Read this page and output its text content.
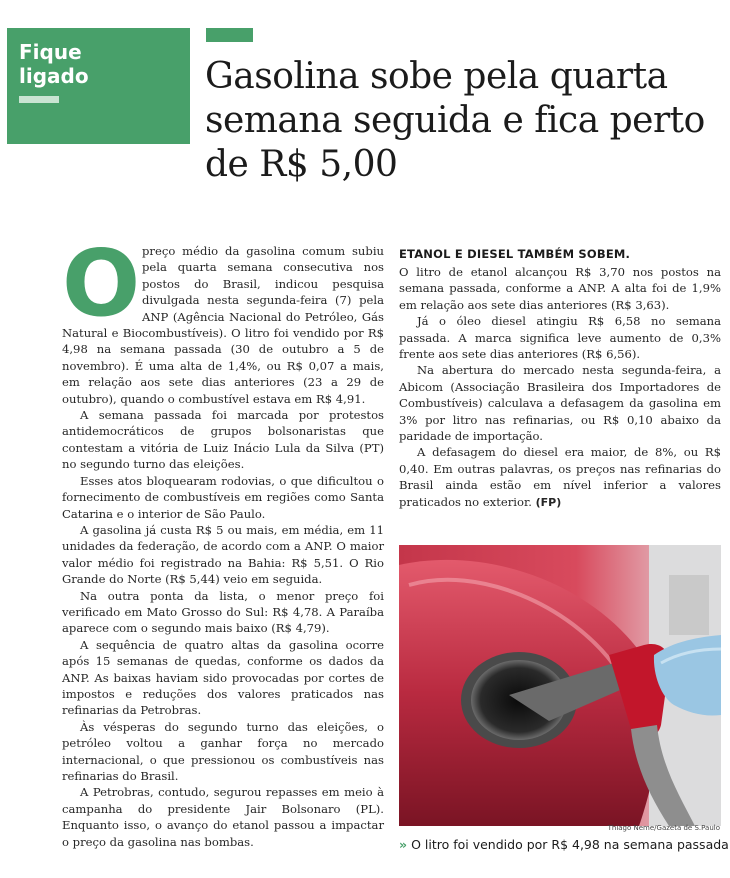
Fique
ligado	Gasolina sobe pela quarta semana seguida e fica perto de R$ 5,00
O preço médio da gasolina comum subiu pela quarta semana consecutiva nos postos do Brasil, indicou pesquisa divulgada nesta segunda-feira (7) pela ANP (Agência Nacional do Petróleo, Gás Natural e Biocombustíveis). O litro foi vendido por R$ 4,98 na semana passada (30 de outubro a 5 de novembro). É uma alta de 1,4%, ou R$ 0,07 a mais, em relação aos sete dias anteriores (23 a 29 de outubro), quando o combustível estava em R$ 4,91.

A semana passada foi marcada por protestos antidemocráticos de grupos bolsonaristas que contestam a vitória de Luiz Inácio Lula da Silva (PT) no segundo turno das eleições.

Esses atos bloquearam rodovias, o que dificultou o fornecimento de combustíveis em regiões como Santa Catarina e o interior de São Paulo.

A gasolina já custa R$ 5 ou mais, em média, em 11 unidades da federação, de acordo com a ANP. O maior valor médio foi registrado na Bahia: R$ 5,51. O Rio Grande do Norte (R$ 5,44) veio em seguida.

Na outra ponta da lista, o menor preço foi verificado em Mato Grosso do Sul: R$ 4,78. A Paraíba aparece com o segundo mais baixo (R$ 4,79).

A sequência de quatro altas da gasolina ocorre após 15 semanas de quedas, conforme os dados da ANP. As baixas haviam sido provocadas por cortes de impostos e reduções dos valores praticados nas refinarias da Petrobras.

Às vésperas do segundo turno das eleições, o petróleo voltou a ganhar força no mercado internacional, o que pressionou os combustíveis nas refinarias do Brasil.

A Petrobras, contudo, segurou repasses em meio à campanha do presidente Jair Bolsonaro (PL). Enquanto isso, o avanço do etanol passou a impactar o preço da gasolina nas bombas.

ETANOL E DIESEL TAMBÉM SOBEM.

O litro de etanol alcançou R$ 3,70 nos postos na semana passada, conforme a ANP. A alta foi de 1,9% em relação aos sete dias anteriores (R$ 3,63).

Já o óleo diesel atingiu R$ 6,58 no semana passada. A marca significa leve aumento de 0,3% frente aos sete dias anteriores (R$ 6,56).

Na abertura do mercado nesta segunda-feira, a Abicom (Associação Brasileira dos Importadores de Combustíveis) calculava a defasagem da gasolina em 3% por litro nas refinarias, ou R$ 0,10 abaixo da paridade de importação.

A defasagem do diesel era maior, de 8%, ou R$ 0,40. Em outras palavras, os preços nas refinarias do Brasil ainda estão em nível inferior a valores praticados no exterior. (FP)

Thiago Neme/Gazeta de S.Paulo
» O litro foi vendido por R$ 4,98 na semana passada
